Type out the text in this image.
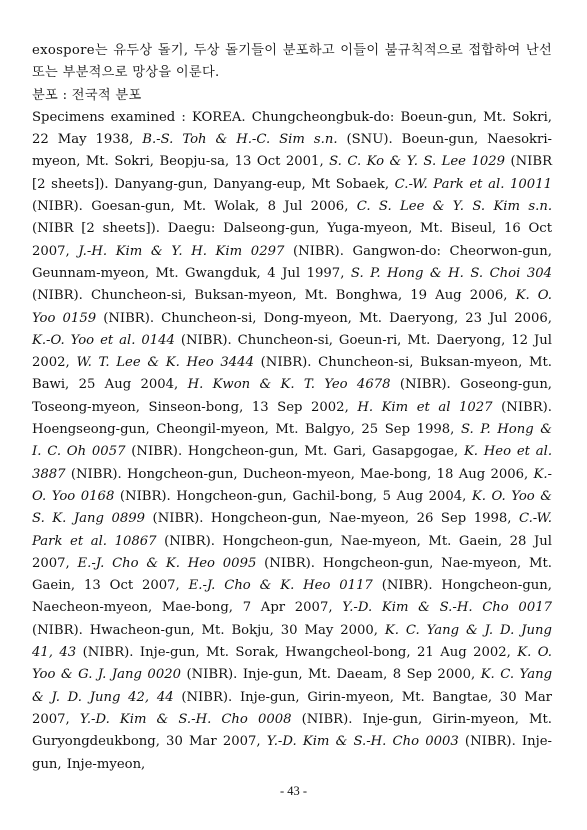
exospore는 유두상 돌기, 두상 돌기들이 분포하고 이들이 불규칙적으로 접합하여 난선 또는 부분적으로 망상을 이룬다.

분포 : 전국적 분포

Specimens examined : KOREA. Chungcheongbuk-do: Boeun-gun, Mt. Sokri, 22 May 1938, B.-S. Toh & H.-C. Sim s.n. (SNU). Boeun-gun, Naesokri-myeon, Mt. Sokri, Beopju-sa, 13 Oct 2001, S. C. Ko & Y. S. Lee 1029 (NIBR [2 sheets]). Danyang-gun, Danyang-eup, Mt Sobaek, C.-W. Park et al. 10011 (NIBR). Goesan-gun, Mt. Wolak, 8 Jul 2006, C. S. Lee & Y. S. Kim s.n. (NIBR [2 sheets]). Daegu: Dalseong-gun, Yuga-myeon, Mt. Biseul, 16 Oct 2007, J.-H. Kim & Y. H. Kim 0297 (NIBR). Gangwon-do: Cheorwon-gun, Geunnam-myeon, Mt. Gwangduk, 4 Jul 1997, S. P. Hong & H. S. Choi 304 (NIBR). Chuncheon-si, Buksan-myeon, Mt. Bonghwa, 19 Aug 2006, K. O. Yoo 0159 (NIBR). Chuncheon-si, Dong-myeon, Mt. Daeryong, 23 Jul 2006, K.-O. Yoo et al. 0144 (NIBR). Chuncheon-si, Goeun-ri, Mt. Daeryong, 12 Jul 2002, W. T. Lee & K. Heo 3444 (NIBR). Chuncheon-si, Buksan-myeon, Mt. Bawi, 25 Aug 2004, H. Kwon & K. T. Yeo 4678 (NIBR). Goseong-gun, Toseong-myeon, Sinseon-bong, 13 Sep 2002, H. Kim et al 1027 (NIBR). Hoengseong-gun, Cheongil-myeon, Mt. Balgyo, 25 Sep 1998, S. P. Hong & I. C. Oh 0057 (NIBR). Hongcheon-gun, Mt. Gari, Gasapgogae, K. Heo et al. 3887 (NIBR). Hongcheon-gun, Ducheon-myeon, Mae-bong, 18 Aug 2006, K.-O. Yoo 0168 (NIBR). Hongcheon-gun, Gachil-bong, 5 Aug 2004, K. O. Yoo & S. K. Jang 0899 (NIBR). Hongcheon-gun, Nae-myeon, 26 Sep 1998, C.-W. Park et al. 10867 (NIBR). Hongcheon-gun, Nae-myeon, Mt. Gaein, 28 Jul 2007, E.-J. Cho & K. Heo 0095 (NIBR). Hongcheon-gun, Nae-myeon, Mt. Gaein, 13 Oct 2007, E.-J. Cho & K. Heo 0117 (NIBR). Hongcheon-gun, Naecheon-myeon, Mae-bong, 7 Apr 2007, Y.-D. Kim & S.-H. Cho 0017 (NIBR). Hwacheon-gun, Mt. Bokju, 30 May 2000, K. C. Yang & J. D. Jung 41, 43 (NIBR). Inje-gun, Mt. Sorak, Hwangcheol-bong, 21 Aug 2002, K. O. Yoo & G. J. Jang 0020 (NIBR). Inje-gun, Mt. Daeam, 8 Sep 2000, K. C. Yang & J. D. Jung 42, 44 (NIBR). Inje-gun, Girin-myeon, Mt. Bangtae, 30 Mar 2007, Y.-D. Kim & S.-H. Cho 0008 (NIBR). Inje-gun, Girin-myeon, Mt. Guryongdeukbong, 30 Mar 2007, Y.-D. Kim & S.-H. Cho 0003 (NIBR). Inje-gun, Inje-myeon,

- 43 -
